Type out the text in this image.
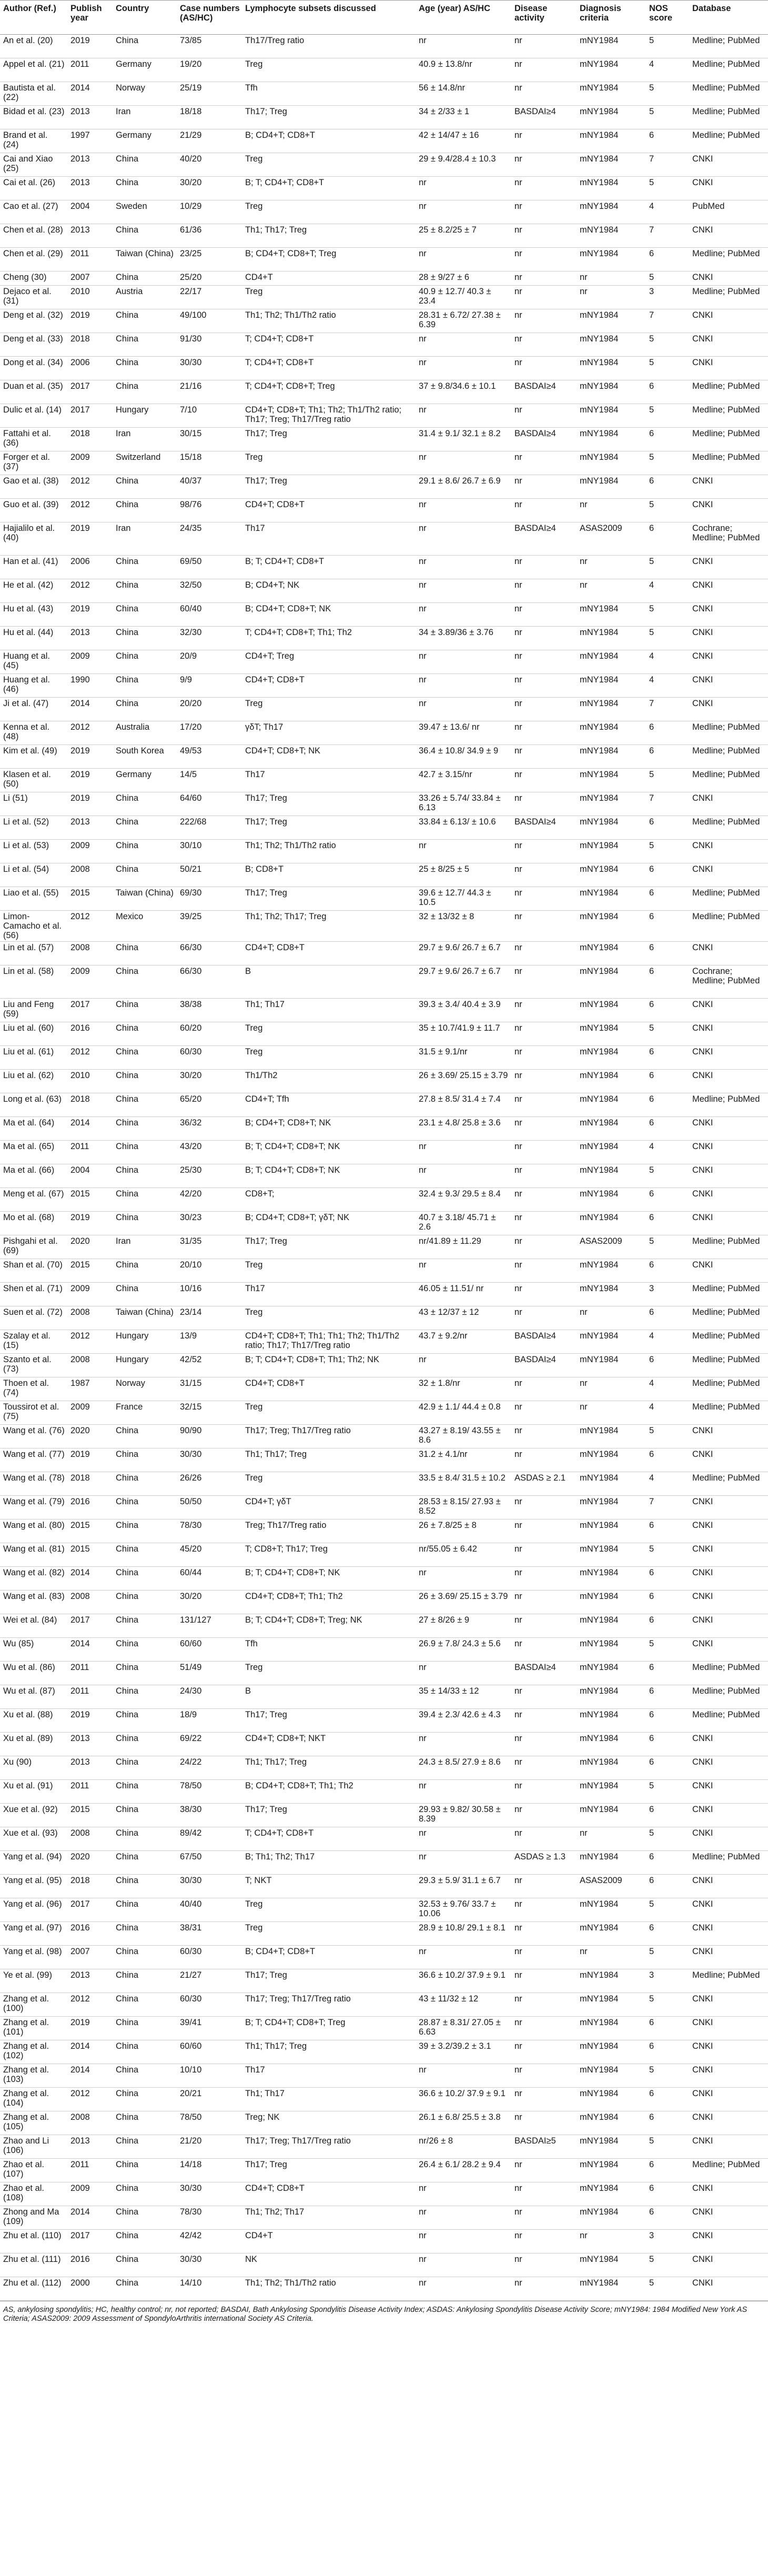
Author (Ref.)	Publish year	Country	Case numbers (AS/HC)	Lymphocyte subsets discussed	Age (year) AS/HC	Disease activity	Diagnosis criteria	NOS score	Database
An et al. (20)	2019	China	73/85	Th17/Treg ratio	nr	nr	mNY1984	5	Medline; PubMed
Appel et al. (21)	2011	Germany	19/20	Treg	40.9 ± 13.8/nr	nr	mNY1984	4	Medline; PubMed
Bautista et al. (22)	2014	Norway	25/19	Tfh	56 ± 14.8/nr	nr	mNY1984	5	Medline; PubMed
Bidad et al. (23)	2013	Iran	18/18	Th17; Treg	34 ± 2/33 ± 1	BASDAI≥4	mNY1984	5	Medline; PubMed
Brand et al. (24)	1997	Germany	21/29	B; CD4+T; CD8+T	42 ± 14/47 ± 16	nr	mNY1984	6	Medline; PubMed
Cai and Xiao (25)	2013	China	40/20	Treg	29 ± 9.4/28.4 ± 10.3	nr	mNY1984	7	CNKI
Cai et al. (26)	2013	China	30/20	B; T; CD4+T; CD8+T	nr	nr	mNY1984	5	CNKI
Cao et al. (27)	2004	Sweden	10/29	Treg	nr	nr	mNY1984	4	PubMed
Chen et al. (28)	2013	China	61/36	Th1; Th17; Treg	25 ± 8.2/25 ± 7	nr	mNY1984	7	CNKI
Chen et al. (29)	2011	Taiwan (China)	23/25	B; CD4+T; CD8+T; Treg	nr	nr	mNY1984	6	Medline; PubMed
Cheng (30)	2007	China	25/20	CD4+T	28 ± 9/27 ± 6	nr	nr	5	CNKI
Dejaco et al. (31)	2010	Austria	22/17	Treg	40.9 ± 12.7/ 40.3 ± 23.4	nr	nr	3	Medline; PubMed
Deng et al. (32)	2019	China	49/100	Th1; Th2; Th1/Th2 ratio	28.31 ± 6.72/ 27.38 ± 6.39	nr	mNY1984	7	CNKI
Deng et al. (33)	2018	China	91/30	T; CD4+T; CD8+T	nr	nr	mNY1984	5	CNKI
Dong et al. (34)	2006	China	30/30	T; CD4+T; CD8+T	nr	nr	mNY1984	5	CNKI
Duan et al. (35)	2017	China	21/16	T; CD4+T; CD8+T; Treg	37 ± 9.8/34.6 ± 10.1	BASDAI≥4	mNY1984	6	Medline; PubMed
Dulic et al. (14)	2017	Hungary	7/10	CD4+T; CD8+T; Th1; Th2; Th1/Th2 ratio; Th17; Treg; Th17/Treg ratio	nr	nr	mNY1984	5	Medline; PubMed
Fattahi et al. (36)	2018	Iran	30/15	Th17; Treg	31.4 ± 9.1/ 32.1 ± 8.2	BASDAI≥4	mNY1984	6	Medline; PubMed
Forger et al. (37)	2009	Switzerland	15/18	Treg	nr	nr	mNY1984	5	Medline; PubMed
Gao et al. (38)	2012	China	40/37	Th17; Treg	29.1 ± 8.6/ 26.7 ± 6.9	nr	mNY1984	6	CNKI
Guo et al. (39)	2012	China	98/76	CD4+T; CD8+T	nr	nr	nr	5	CNKI
Hajialilo et al. (40)	2019	Iran	24/35	Th17	nr	BASDAI≥4	ASAS2009	6	Cochrane; Medline; PubMed
Han et al. (41)	2006	China	69/50	B; T; CD4+T; CD8+T	nr	nr	nr	5	CNKI
He et al. (42)	2012	China	32/50	B; CD4+T; NK	nr	nr	nr	4	CNKI
Hu et al. (43)	2019	China	60/40	B; CD4+T; CD8+T; NK	nr	nr	mNY1984	5	CNKI
Hu et al. (44)	2013	China	32/30	T; CD4+T; CD8+T; Th1; Th2	34 ± 3.89/36 ± 3.76	nr	mNY1984	5	CNKI
Huang et al. (45)	2009	China	20/9	CD4+T; Treg	nr	nr	mNY1984	4	CNKI
Huang et al. (46)	1990	China	9/9	CD4+T; CD8+T	nr	nr	mNY1984	4	CNKI
Ji et al. (47)	2014	China	20/20	Treg	nr	nr	mNY1984	7	CNKI
Kenna et al. (48)	2012	Australia	17/20	γδT; Th17	39.47 ± 13.6/ nr	nr	mNY1984	6	Medline; PubMed
Kim et al. (49)	2019	South Korea	49/53	CD4+T; CD8+T; NK	36.4 ± 10.8/ 34.9 ± 9	nr	mNY1984	6	Medline; PubMed
Klasen et al. (50)	2019	Germany	14/5	Th17	42.7 ± 3.15/nr	nr	mNY1984	5	Medline; PubMed
Li (51)	2019	China	64/60	Th17; Treg	33.26 ± 5.74/ 33.84 ± 6.13	nr	mNY1984	7	CNKI
Li et al. (52)	2013	China	222/68	Th17; Treg	33.84 ± 6.13/ ± 10.6	BASDAI≥4	mNY1984	6	Medline; PubMed
Li et al. (53)	2009	China	30/10	Th1; Th2; Th1/Th2 ratio	nr	nr	mNY1984	5	CNKI
Li et al. (54)	2008	China	50/21	B; CD8+T	25 ± 8/25 ± 5	nr	mNY1984	6	CNKI
Liao et al. (55)	2015	Taiwan (China)	69/30	Th17; Treg	39.6 ± 12.7/ 44.3 ± 10.5	nr	mNY1984	6	Medline; PubMed
Limon-Camacho et al. (56)	2012	Mexico	39/25	Th1; Th2; Th17; Treg	32 ± 13/32 ± 8	nr	mNY1984	6	Medline; PubMed
Lin et al. (57)	2008	China	66/30	CD4+T; CD8+T	29.7 ± 9.6/ 26.7 ± 6.7	nr	mNY1984	6	CNKI
Lin et al. (58)	2009	China	66/30	B	29.7 ± 9.6/ 26.7 ± 6.7	nr	mNY1984	6	Cochrane; Medline; PubMed
Liu and Feng (59)	2017	China	38/38	Th1; Th17	39.3 ± 3.4/ 40.4 ± 3.9	nr	mNY1984	6	CNKI
Liu et al. (60)	2016	China	60/20	Treg	35 ± 10.7/41.9 ± 11.7	nr	mNY1984	5	CNKI
Liu et al. (61)	2012	China	60/30	Treg	31.5 ± 9.1/nr	nr	mNY1984	6	CNKI
Liu et al. (62)	2010	China	30/20	Th1/Th2	26 ± 3.69/ 25.15 ± 3.79	nr	mNY1984	6	CNKI
Long et al. (63)	2018	China	65/20	CD4+T; Tfh	27.8 ± 8.5/ 31.4 ± 7.4	nr	mNY1984	6	Medline; PubMed
Ma et al. (64)	2014	China	36/32	B; CD4+T; CD8+T; NK	23.1 ± 4.8/ 25.8 ± 3.6	nr	mNY1984	6	CNKI
Ma et al. (65)	2011	China	43/20	B; T; CD4+T; CD8+T; NK	nr	nr	mNY1984	4	CNKI
Ma et al. (66)	2004	China	25/30	B; T; CD4+T; CD8+T; NK	nr	nr	mNY1984	5	CNKI
Meng et al. (67)	2015	China	42/20	CD8+T;	32.4 ± 9.3/ 29.5 ± 8.4	nr	mNY1984	6	CNKI
Mo et al. (68)	2019	China	30/23	B; CD4+T; CD8+T; γδT; NK	40.7 ± 3.18/ 45.71 ± 2.6	nr	mNY1984	6	CNKI
Pishgahi et al. (69)	2020	Iran	31/35	Th17; Treg	nr/41.89 ± 11.29	nr	ASAS2009	5	Medline; PubMed
Shan et al. (70)	2015	China	20/10	Treg	nr	nr	mNY1984	6	CNKI
Shen et al. (71)	2009	China	10/16	Th17	46.05 ± 11.51/ nr	nr	mNY1984	3	Medline; PubMed
Suen et al. (72)	2008	Taiwan (China)	23/14	Treg	43 ± 12/37 ± 12	nr	nr	6	Medline; PubMed
Szalay et al. (15)	2012	Hungary	13/9	CD4+T; CD8+T; Th1; Th1; Th2; Th1/Th2 ratio; Th17; Th17/Treg ratio	43.7 ± 9.2/nr	BASDAI≥4	mNY1984	4	Medline; PubMed
Szanto et al. (73)	2008	Hungary	42/52	B; T; CD4+T; CD8+T; Th1; Th2; NK	nr	BASDAI≥4	mNY1984	6	Medline; PubMed
Thoen et al. (74)	1987	Norway	31/15	CD4+T; CD8+T	32 ± 1.8/nr	nr	nr	4	Medline; PubMed
Toussirot et al. (75)	2009	France	32/15	Treg	42.9 ± 1.1/ 44.4 ± 0.8	nr	nr	4	Medline; PubMed
Wang et al. (76)	2020	China	90/90	Th17; Treg; Th17/Treg ratio	43.27 ± 8.19/ 43.55 ± 8.6	nr	mNY1984	5	CNKI
Wang et al. (77)	2019	China	30/30	Th1; Th17; Treg	31.2 ± 4.1/nr	nr	mNY1984	6	CNKI
Wang et al. (78)	2018	China	26/26	Treg	33.5 ± 8.4/ 31.5 ± 10.2	ASDAS ≥ 2.1	mNY1984	4	Medline; PubMed
Wang et al. (79)	2016	China	50/50	CD4+T; γδT	28.53 ± 8.15/ 27.93 ± 8.52	nr	mNY1984	7	CNKI
Wang et al. (80)	2015	China	78/30	Treg; Th17/Treg ratio	26 ± 7.8/25 ± 8	nr	mNY1984	6	CNKI
Wang et al. (81)	2015	China	45/20	T; CD8+T; Th17; Treg	nr/55.05 ± 6.42	nr	mNY1984	5	CNKI
Wang et al. (82)	2014	China	60/44	B; T; CD4+T; CD8+T; NK	nr	nr	mNY1984	6	CNKI
Wang et al. (83)	2008	China	30/20	CD4+T; CD8+T; Th1; Th2	26 ± 3.69/ 25.15 ± 3.79	nr	mNY1984	6	CNKI
Wei et al. (84)	2017	China	131/127	B; T; CD4+T; CD8+T; Treg; NK	27 ± 8/26 ± 9	nr	mNY1984	6	CNKI
Wu (85)	2014	China	60/60	Tfh	26.9 ± 7.8/ 24.3 ± 5.6	nr	mNY1984	5	CNKI
Wu et al. (86)	2011	China	51/49	Treg	nr	BASDAI≥4	mNY1984	6	Medline; PubMed
Wu et al. (87)	2011	China	24/30	B	35 ± 14/33 ± 12	nr	mNY1984	6	Medline; PubMed
Xu et al. (88)	2019	China	18/9	Th17; Treg	39.4 ± 2.3/ 42.6 ± 4.3	nr	mNY1984	6	Medline; PubMed
Xu et al. (89)	2013	China	69/22	CD4+T; CD8+T; NKT	nr	nr	mNY1984	6	CNKI
Xu (90)	2013	China	24/22	Th1; Th17; Treg	24.3 ± 8.5/ 27.9 ± 8.6	nr	mNY1984	6	CNKI
Xu et al. (91)	2011	China	78/50	B; CD4+T; CD8+T; Th1; Th2	nr	nr	mNY1984	5	CNKI
Xue et al. (92)	2015	China	38/30	Th17; Treg	29.93 ± 9.82/ 30.58 ± 8.39	nr	mNY1984	6	CNKI
Xue et al. (93)	2008	China	89/42	T; CD4+T; CD8+T	nr	nr	nr	5	CNKI
Yang et al. (94)	2020	China	67/50	B; Th1; Th2; Th17	nr	ASDAS ≥ 1.3	mNY1984	6	Medline; PubMed
Yang et al. (95)	2018	China	30/30	T; NKT	29.3 ± 5.9/ 31.1 ± 6.7	nr	ASAS2009	6	CNKI
Yang et al. (96)	2017	China	40/40	Treg	32.53 ± 9.76/ 33.7 ± 10.06	nr	mNY1984	5	CNKI
Yang et al. (97)	2016	China	38/31	Treg	28.9 ± 10.8/ 29.1 ± 8.1	nr	mNY1984	6	CNKI
Yang et al. (98)	2007	China	60/30	B; CD4+T; CD8+T	nr	nr	nr	5	CNKI
Ye et al. (99)	2013	China	21/27	Th17; Treg	36.6 ± 10.2/ 37.9 ± 9.1	nr	mNY1984	3	Medline; PubMed
Zhang et al. (100)	2012	China	60/30	Th17; Treg; Th17/Treg ratio	43 ± 11/32 ± 12	nr	mNY1984	5	CNKI
Zhang et al. (101)	2019	China	39/41	B; T; CD4+T; CD8+T; Treg	28.87 ± 8.31/ 27.05 ± 6.63	nr	mNY1984	6	CNKI
Zhang et al. (102)	2014	China	60/60	Th1; Th17; Treg	39 ± 3.2/39.2 ± 3.1	nr	mNY1984	6	CNKI
Zhang et al. (103)	2014	China	10/10	Th17	nr	nr	mNY1984	5	CNKI
Zhang et al. (104)	2012	China	20/21	Th1; Th17	36.6 ± 10.2/ 37.9 ± 9.1	nr	mNY1984	6	CNKI
Zhang et al. (105)	2008	China	78/50	Treg; NK	26.1 ± 6.8/ 25.5 ± 3.8	nr	mNY1984	6	CNKI
Zhao and Li (106)	2013	China	21/20	Th17; Treg; Th17/Treg ratio	nr/26 ± 8	BASDAI≥5	mNY1984	5	CNKI
Zhao et al. (107)	2011	China	14/18	Th17; Treg	26.4 ± 6.1/ 28.2 ± 9.4	nr	mNY1984	6	Medline; PubMed
Zhao et al. (108)	2009	China	30/30	CD4+T; CD8+T	nr	nr	mNY1984	6	CNKI
Zhong and Ma (109)	2014	China	78/30	Th1; Th2; Th17	nr	nr	mNY1984	6	CNKI
Zhu et al. (110)	2017	China	42/42	CD4+T	nr	nr	nr	3	CNKI
Zhu et al. (111)	2016	China	30/30	NK	nr	nr	mNY1984	5	CNKI
Zhu et al. (112)	2000	China	14/10	Th1; Th2; Th1/Th2 ratio	nr	nr	mNY1984	5	CNKI
AS, ankylosing spondylitis; HC, healthy control; nr, not reported; BASDAI, Bath Ankylosing Spondylitis Disease Activity Index; ASDAS: Ankylosing Spondylitis Disease Activity Score; mNY1984: 1984 Modified New York AS Criteria; ASAS2009: 2009 Assessment of SpondyloArthritis international Society AS Criteria.
